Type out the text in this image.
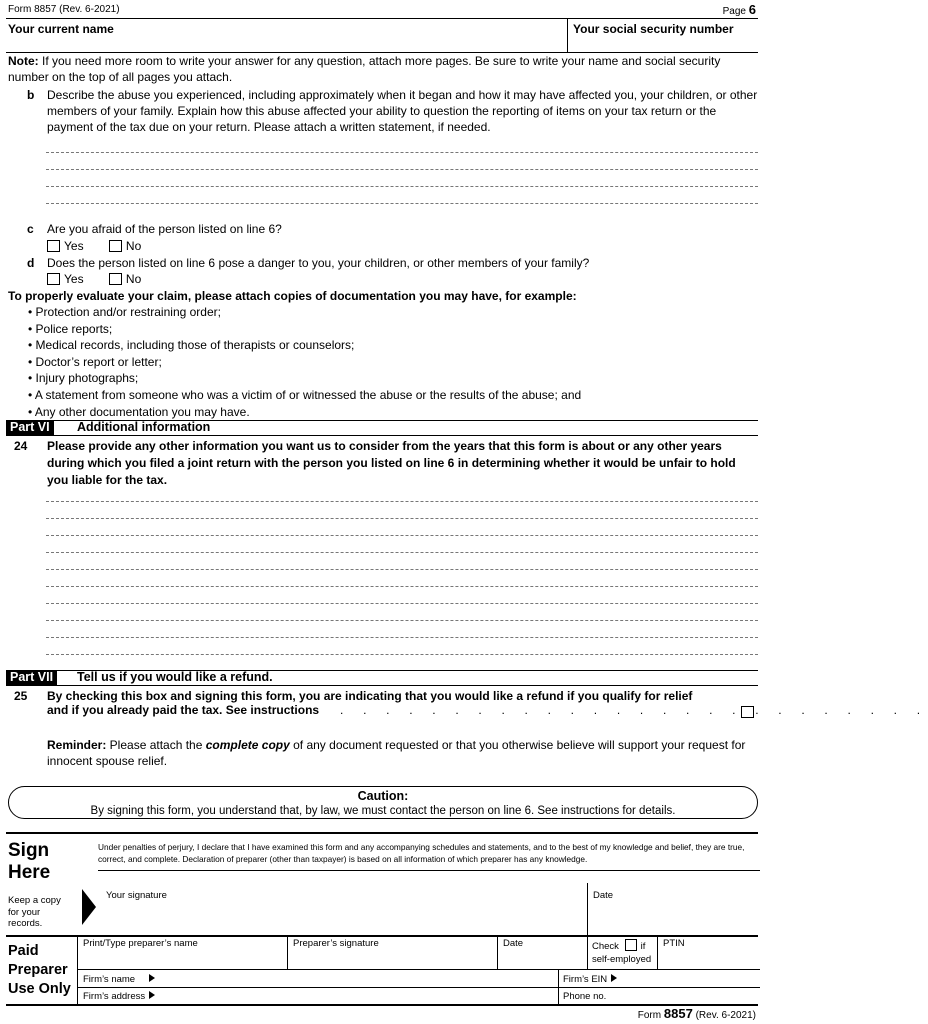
Form 8857 (Rev. 6-2021)	Page 6
Your current name	Your social security number
Note: If you need more room to write your answer for any question, attach more pages. Be sure to write your name and social security number on the top of all pages you attach.
b Describe the abuse you experienced, including approximately when it began and how it may have affected you, your children, or other members of your family. Explain how this abuse affected your ability to question the reporting of items on your tax return or the payment of the tax due on your return. Please attach a written statement, if needed.
c Are you afraid of the person listed on line 6?
Yes	No
d Does the person listed on line 6 pose a danger to you, your children, or other members of your family?
Yes	No
To properly evaluate your claim, please attach copies of documentation you may have, for example:
• Protection and/or restraining order;
• Police reports;
• Medical records, including those of therapists or counselors;
• Doctor’s report or letter;
• Injury photographs;
• A statement from someone who was a victim of or witnessed the abuse or the results of the abuse; and
• Any other documentation you may have.
Part VI	Additional information
24 Please provide any other information you want us to consider from the years that this form is about or any other years during which you filed a joint return with the person you listed on line 6 in determining whether it would be unfair to hold you liable for the tax.
Part VII	Tell us if you would like a refund.
25 By checking this box and signing this form, you are indicating that you would like a refund if you qualify for relief
and if you already paid the tax. See instructions . . . . . . . . . . . . . . . . . . . . . . . . . .
Reminder: Please attach the complete copy of any document requested or that you otherwise believe will support your request for innocent spouse relief.
Caution:
By signing this form, you understand that, by law, we must contact the person on line 6. See instructions for details.
Sign
Here
Keep a copy for your records.
Under penalties of perjury, I declare that I have examined this form and any accompanying schedules and statements, and to the best of my knowledge and belief, they are true, correct, and complete. Declaration of preparer (other than taxpayer) is based on all information of which preparer has any knowledge.
Your signature	Date
Paid
Preparer
Use Only
Print/Type preparer’s name	Preparer’s signature	Date	Check if
self-employed
PTIN
Firm’s name	Firm’s EIN
Firm’s address	Phone no.
Form 8857 (Rev. 6-2021)
